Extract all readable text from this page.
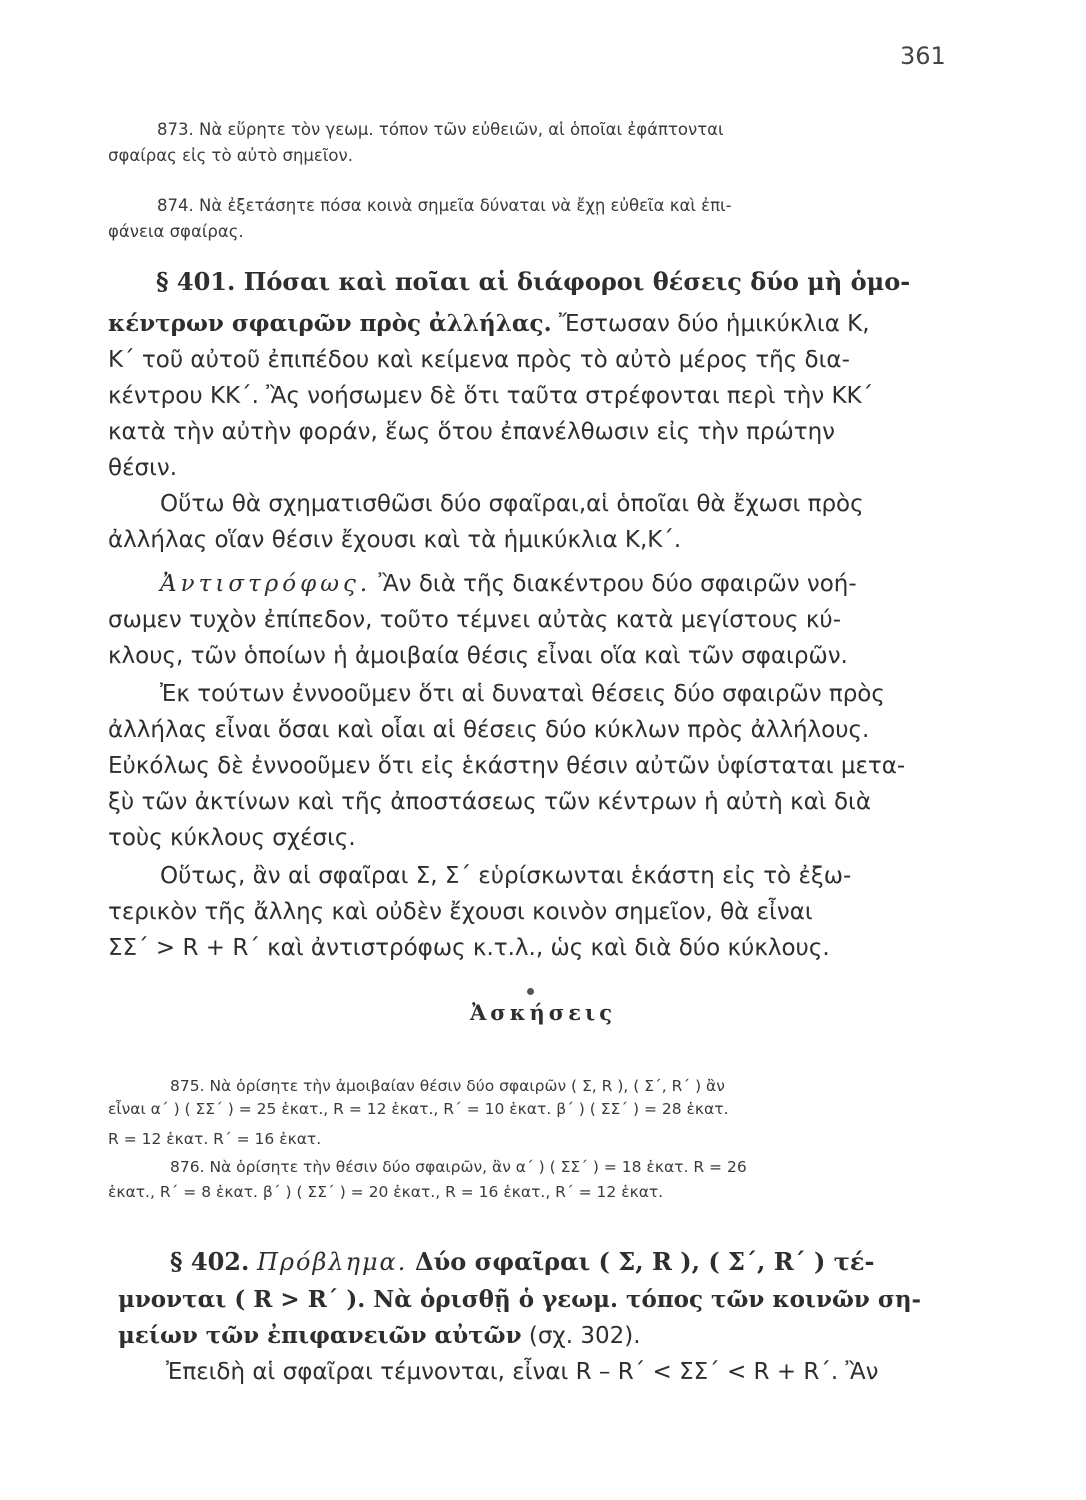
361
873. Νὰ εὕρητε τὸν γεωμ. τόπον τῶν εὐθειῶν, αἱ ὁποῖαι ἐφάπτονται
σφαίρας εἰς τὸ αὐτὸ σημεῖον.
874. Νὰ ἐξετάσητε πόσα κοινὰ σημεῖα δύναται νὰ ἔχῃ εὐθεῖα καὶ ἐπι-
φάνεια σφαίρας.
§ 401. Πόσαι καὶ ποῖαι αἱ διάφοροι θέσεις δύο μὴ ὁμο-
κέντρων σφαιρῶν πρὸς ἀλλήλας. Ἔστωσαν δύο ἡμικύκλια Κ,
Κ΄ τοῦ αὐτοῦ ἐπιπέδου καὶ κείμενα πρὸς τὸ αὐτὸ μέρος τῆς δια-
κέντρου ΚΚ΄. Ἂς νοήσωμεν δὲ ὅτι ταῦτα στρέφονται περὶ τὴν ΚΚ΄
κατὰ τὴν αὐτὴν φοράν, ἕως ὅτου ἐπανέλθωσιν εἰς τὴν πρώτην
θέσιν.
Οὕτω θὰ σχηματισθῶσι δύο σφαῖραι,αἱ ὁποῖαι θὰ ἔχωσι πρὸς
ἀλλήλας οἵαν θέσιν ἔχουσι καὶ τὰ ἡμικύκλια Κ,Κ΄.
Ἀντιστρόφως. Ἂν διὰ τῆς διακέντρου δύο σφαιρῶν νοή-
σωμεν τυχὸν ἐπίπεδον, τοῦτο τέμνει αὐτὰς κατὰ μεγίστους κύ-
κλους, τῶν ὁποίων ἡ ἀμοιβαία θέσις εἶναι οἵα καὶ τῶν σφαιρῶν.
Ἐκ τούτων ἐννοοῦμεν ὅτι αἱ δυναταὶ θέσεις δύο σφαιρῶν πρὸς
ἀλλήλας εἶναι ὅσαι καὶ οἷαι αἱ θέσεις δύο κύκλων πρὸς ἀλλήλους.
Εὐκόλως δὲ ἐννοοῦμεν ὅτι εἰς ἑκάστην θέσιν αὐτῶν ὑφίσταται μετα-
ξὺ τῶν ἀκτίνων καὶ τῆς ἀποστάσεως τῶν κέντρων ἡ αὐτὴ καὶ διὰ
τοὺς κύκλους σχέσις.
Οὕτως, ἂν αἱ σφαῖραι Σ, Σ΄ εὑρίσκωνται ἑκάστη εἰς τὸ ἐξω-
τερικὸν τῆς ἄλλης καὶ οὐδὲν ἔχουσι κοινὸν σημεῖον, θὰ εἶναι
ΣΣ΄ > R + R΄ καὶ ἀντιστρόφως κ.τ.λ., ὡς καὶ διὰ δύο κύκλους.
Ἀσκήσεις
875. Νὰ ὁρίσητε τὴν ἀμοιβαίαν θέσιν δύο σφαιρῶν ( Σ, R ), ( Σ΄, R΄ ) ἂν
εἶναι α΄ ) ( ΣΣ΄ ) = 25 ἑκατ., R = 12 ἑκατ., R΄ = 10 ἑκατ. β΄ ) ( ΣΣ΄ ) = 28 ἑκατ.
R = 12 ἑκατ. R΄ = 16 ἑκατ.
876. Νὰ ὁρίσητε τὴν θέσιν δύο σφαιρῶν, ἂν α΄ ) ( ΣΣ΄ ) = 18 ἑκατ. R = 26
ἑκατ., R΄ = 8 ἑκατ. β΄ ) ( ΣΣ΄ ) = 20 ἑκατ., R = 16 ἑκατ., R΄ = 12 ἑκατ.
§ 402. Πρόβλημα. Δύο σφαῖραι ( Σ, R ), ( Σ΄, R΄ ) τέ-
μνονται ( R > R΄ ). Νὰ ὁρισθῇ ὁ γεωμ. τόπος τῶν κοινῶν ση-
μείων τῶν ἐπιφανειῶν αὐτῶν (σχ. 302).
Ἐπειδὴ αἱ σφαῖραι τέμνονται, εἶναι R – R΄ < ΣΣ΄ < R + R΄. Ἂν
